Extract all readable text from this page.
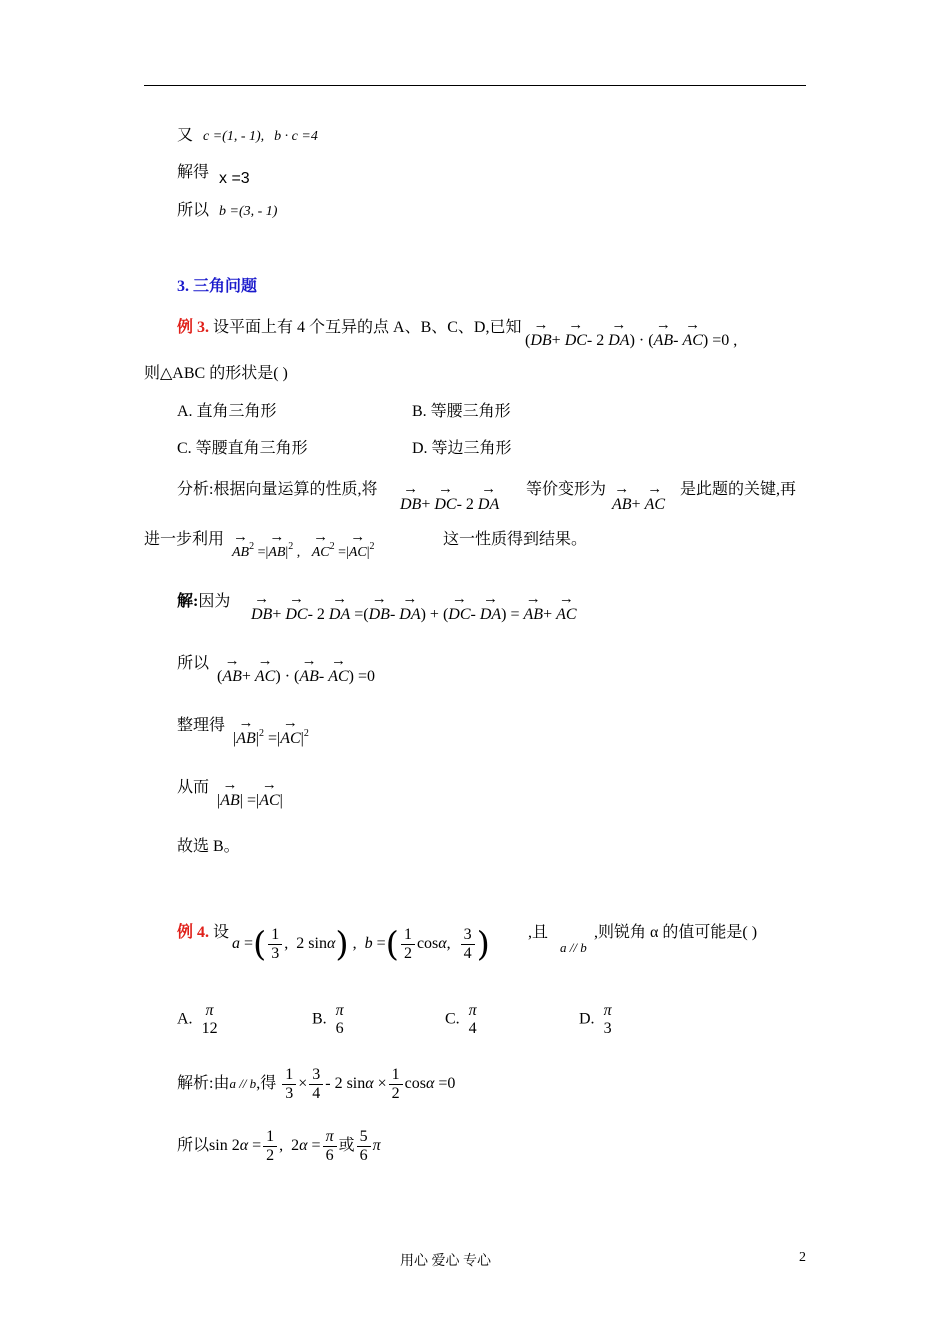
又 c =(1, - 1), b · c =4
解得 x =3
所以 b =(3, - 1)
3. 三角问题
例 3. 设平面上有 4 个互异的点 A、B、C、D,已知
(→ DB+ → DC- 2 → DA) · (→ AB- → AC) =0 ,
则△ABC 的形状是( )
A. 直角三角形	B. 等腰三角形
C. 等腰直角三角形	D. 等边三角形
分析:根据向量运算的性质,将
→ DB+ → DC- 2 → DA
等价变形为
→ AB+ → AC
是此题的关键,再
进一步利用
→ $AB^2$ =|→ $AB|^2$ , → $AC^2$ =|→ $AC|^2$	这一性质得到结果。
解:因为
→ DB+ → DC- 2 → DA =(→ DB- → DA) + (→ DC- → DA) = → AB+ → AC
所以
(→ AB+ → AC) · (→ AB- → AC) =0
整理得
|→ $AB|^2$ =|→ $AC|^2$
从而
|→ AB| =|→ AC|
故选 B。
例 4. 设
a =( $\frac{1}{3}$ ,  2 sinα) ,  b =( $\frac{1}{2} \cos\alpha$, $\frac{3}{4}$ ) ,且
a // b
,则锐角 α 的值可能是( )
A.
π
12
B.
π
6
C.
π
4
D.
π
3
解析:由a // b,得 $\frac{1}{3} \times \frac{3}{4} - 2$ $\sin\alpha \times \frac{1}{2}$ cosα =0
所以$\sin 2\alpha = \frac{1}{2}$ ,  $2\alpha = \frac{\pi}{6}$ 或 $\frac{5}{6}$ π
用心 爱心 专心	2
